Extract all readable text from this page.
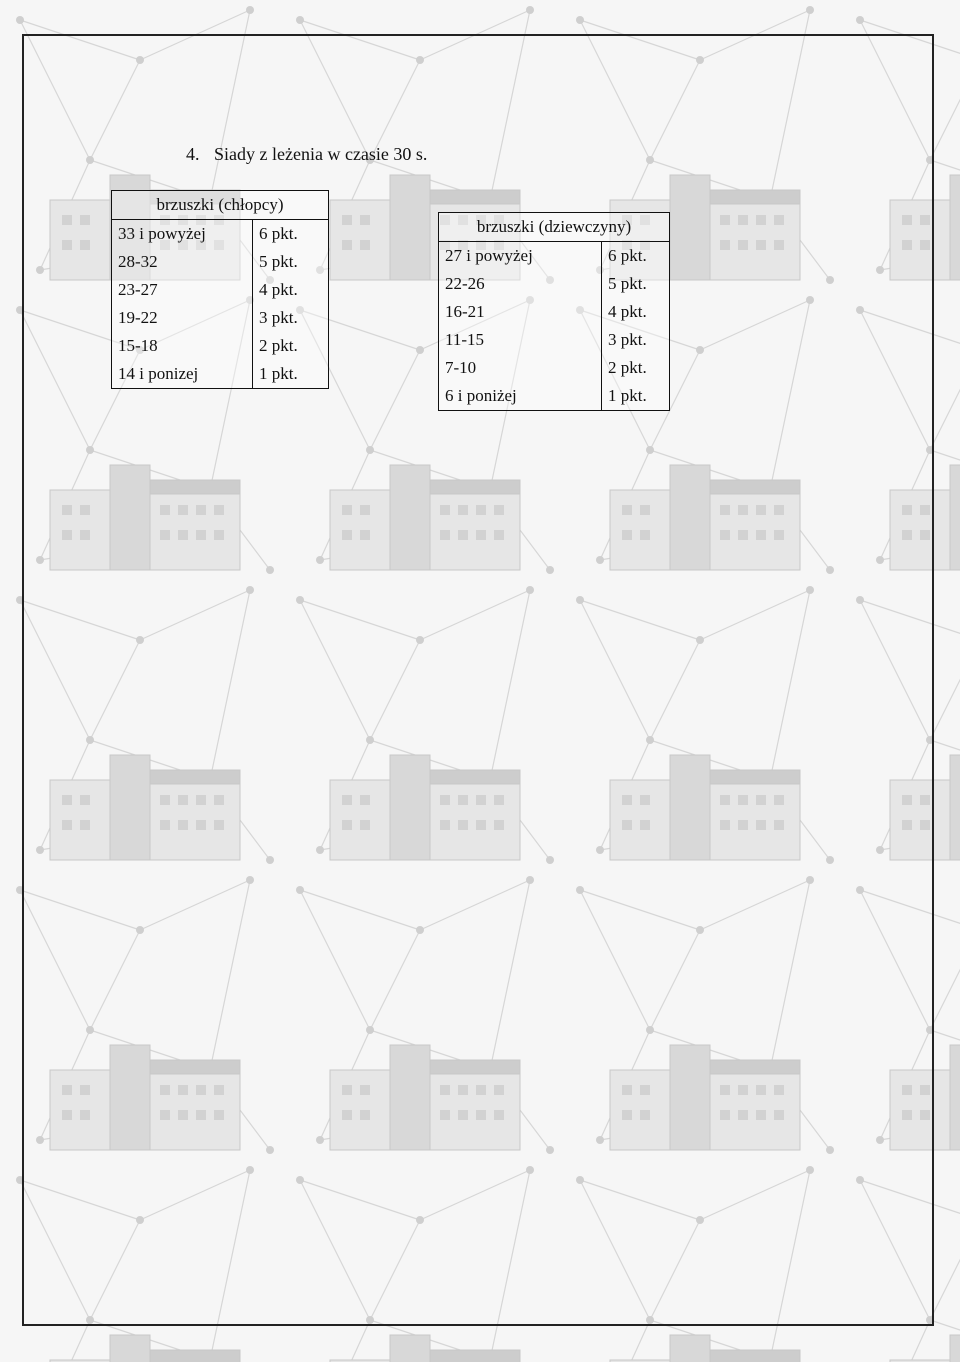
4. Siady z leżenia w czasie 30 s.
brzuszki (chłopcy)	
33 i powyżej	6 pkt.
28-32	5 pkt.
23-27	4 pkt.
19-22	3 pkt.
15-18	2 pkt.
14 i ponizej	1 pkt.
brzuszki (dziewczyny)	
27 i powyżej	6 pkt.
22-26	5 pkt.
16-21	4 pkt.
11-15	3 pkt.
7-10	2 pkt.
6 i poniżej	1 pkt.
